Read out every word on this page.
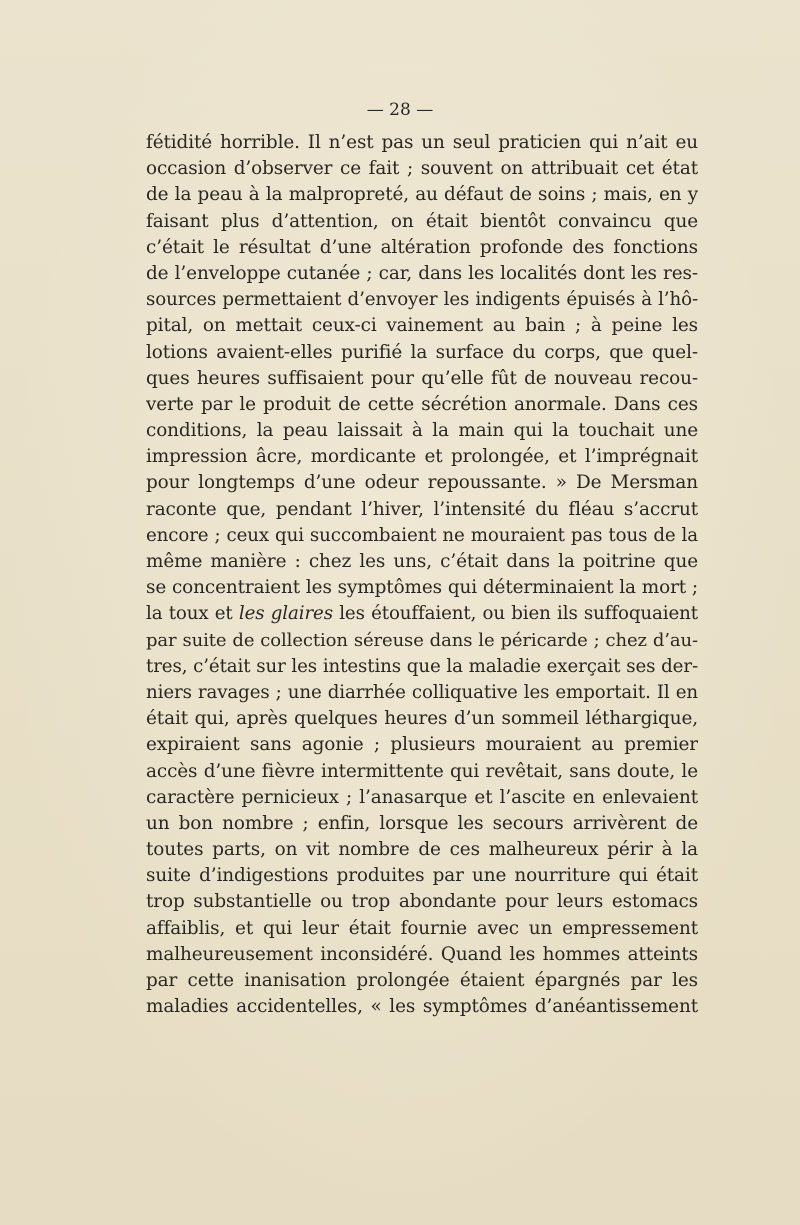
— 28 —
fétidité horrible. Il n’est pas un seul praticien qui n’ait eu
occasion d’observer ce fait ; souvent on attribuait cet état
de la peau à la malpropreté, au défaut de soins ; mais, en y
faisant plus d’attention, on était bientôt convaincu que
c’était le résultat d’une altération profonde des fonctions
de l’enveloppe cutanée ; car, dans les localités dont les res-
sources permettaient d’envoyer les indigents épuisés à l’hô-
pital, on mettait ceux-ci vainement au bain ; à peine les
lotions avaient-elles purifié la surface du corps, que quel-
ques heures suffisaient pour qu’elle fût de nouveau recou-
verte par le produit de cette sécrétion anormale. Dans ces
conditions, la peau laissait à la main qui la touchait une
impression âcre, mordicante et prolongée, et l’imprégnait
pour longtemps d’une odeur repoussante. » De Mersman
raconte que, pendant l’hiver, l’intensité du fléau s’accrut
encore ; ceux qui succombaient ne mouraient pas tous de la
même manière : chez les uns, c’était dans la poitrine que
se concentraient les symptômes qui déterminaient la mort ;
la toux et les glaires les étouffaient, ou bien ils suffoquaient
par suite de collection séreuse dans le péricarde ; chez d’au-
tres, c’était sur les intestins que la maladie exerçait ses der-
niers ravages ; une diarrhée colliquative les emportait. Il en
était qui, après quelques heures d’un sommeil léthargique,
expiraient sans agonie ; plusieurs mouraient au premier
accès d’une fièvre intermittente qui revêtait, sans doute, le
caractère pernicieux ; l’anasarque et l’ascite en enlevaient
un bon nombre ; enfin, lorsque les secours arrivèrent de
toutes parts, on vit nombre de ces malheureux périr à la
suite d’indigestions produites par une nourriture qui était
trop substantielle ou trop abondante pour leurs estomacs
affaiblis, et qui leur était fournie avec un empressement
malheureusement inconsidéré. Quand les hommes atteints
par cette inanisation prolongée étaient épargnés par les
maladies accidentelles, « les symptômes d’anéantissement
